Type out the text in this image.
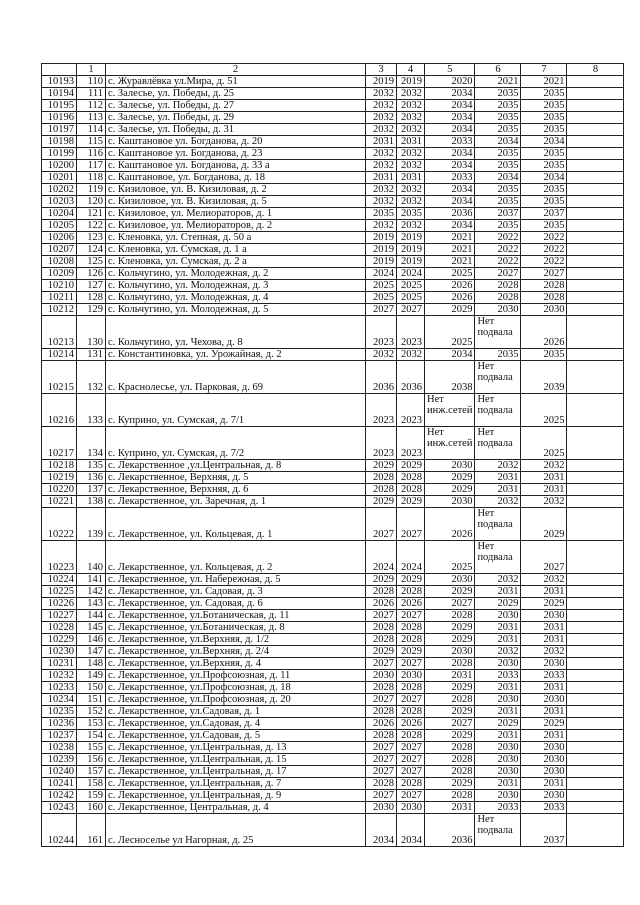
	1	2	3	4	5	6	7	8
10193	110	с. Журавлёвка ул.Мира, д. 51	2019	2019	2020	2021	2021	
10194	111	с. Залесье, ул. Победы, д. 25	2032	2032	2034	2035	2035	
10195	112	с. Залесье, ул. Победы, д. 27	2032	2032	2034	2035	2035	
10196	113	с. Залесье, ул. Победы, д. 29	2032	2032	2034	2035	2035	
10197	114	с. Залесье, ул. Победы, д. 31	2032	2032	2034	2035	2035	
10198	115	с. Каштановое ул. Богданова, д. 20	2031	2031	2033	2034	2034	
10199	116	с. Каштановое ул. Богданова, д. 23	2032	2032	2034	2035	2035	
10200	117	с. Каштановое ул. Богданова, д. 33 а	2032	2032	2034	2035	2035	
10201	118	с. Каштановое, ул. Богданова, д. 18	2031	2031	2033	2034	2034	
10202	119	с. Кизиловое, ул. В. Кизиловая, д. 2	2032	2032	2034	2035	2035	
10203	120	с. Кизиловое, ул. В. Кизиловая, д. 5	2032	2032	2034	2035	2035	
10204	121	с. Кизиловое, ул. Мелиораторов, д. 1	2035	2035	2036	2037	2037	
10205	122	с. Кизиловое, ул. Мелиораторов, д. 2	2032	2032	2034	2035	2035	
10206	123	с. Кленовка, ул. Степная, д. 50 а	2019	2019	2021	2022	2022	
10207	124	с. Кленовка, ул. Сумская, д. 1 а	2019	2019	2021	2022	2022	
10208	125	с. Кленовка, ул. Сумская, д. 2 а	2019	2019	2021	2022	2022	
10209	126	с. Кольчугино, ул. Молодежная, д. 2	2024	2024	2025	2027	2027	
10210	127	с. Кольчугино, ул. Молодежная, д. 3	2025	2025	2026	2028	2028	
10211	128	с. Кольчугино, ул. Молодежная, д. 4	2025	2025	2026	2028	2028	
10212	129	с. Кольчугино, ул. Молодежная, д. 5	2027	2027	2029	2030	2030	
10213	130	с. Кольчугино, ул. Чехова, д. 8	2023	2023	2025	Нет подвала	2026	
10214	131	с. Константиновка, ул. Урожайная, д. 2	2032	2032	2034	2035	2035	
10215	132	с. Краснолесье, ул. Парковая, д. 69	2036	2036	2038	Нет подвала	2039	
10216	133	с. Куприно, ул. Сумская, д. 7/1	2023	2023	Нет инж.сетей	Нет подвала	2025	
10217	134	с. Куприно, ул. Сумская, д. 7/2	2023	2023	Нет инж.сетей	Нет подвала	2025	
10218	135	с. Лекарственное ,ул.Центральная, д. 8	2029	2029	2030	2032	2032	
10219	136	с. Лекарственное, Верхняя, д. 5	2028	2028	2029	2031	2031	
10220	137	с. Лекарственное, Верхняя, д. 6	2028	2028	2029	2031	2031	
10221	138	с. Лекарственное, ул. Заречная, д. 1	2029	2029	2030	2032	2032	
10222	139	с. Лекарственное, ул. Кольцевая, д. 1	2027	2027	2026	Нет подвала	2029	
10223	140	с. Лекарственное, ул. Кольцевая, д. 2	2024	2024	2025	Нет подвала	2027	
10224	141	с. Лекарственное, ул. Набережная, д. 5	2029	2029	2030	2032	2032	
10225	142	с. Лекарственное, ул. Садовая, д. 3	2028	2028	2029	2031	2031	
10226	143	с. Лекарственное, ул. Садовая, д. 6	2026	2026	2027	2029	2029	
10227	144	с. Лекарственное, ул.Ботаническая, д. 11	2027	2027	2028	2030	2030	
10228	145	с. Лекарственное, ул.Ботаническая, д. 8	2028	2028	2029	2031	2031	
10229	146	с. Лекарственное, ул.Верхняя, д. 1/2	2028	2028	2029	2031	2031	
10230	147	с. Лекарственное, ул.Верхняя, д. 2/4	2029	2029	2030	2032	2032	
10231	148	с. Лекарственное, ул.Верхняя, д. 4	2027	2027	2028	2030	2030	
10232	149	с. Лекарственное, ул.Профсоюзная, д. 11	2030	2030	2031	2033	2033	
10233	150	с. Лекарственное, ул.Профсоюзная, д. 18	2028	2028	2029	2031	2031	
10234	151	с. Лекарственное, ул.Профсоюзная, д. 20	2027	2027	2028	2030	2030	
10235	152	с. Лекарственное, ул.Садовая, д. 1	2028	2028	2029	2031	2031	
10236	153	с. Лекарственное, ул.Садовая, д. 4	2026	2026	2027	2029	2029	
10237	154	с. Лекарственное, ул.Садовая, д. 5	2028	2028	2029	2031	2031	
10238	155	с. Лекарственное, ул.Центральная, д. 13	2027	2027	2028	2030	2030	
10239	156	с. Лекарственное, ул.Центральная, д. 15	2027	2027	2028	2030	2030	
10240	157	с. Лекарственное, ул.Центральная, д. 17	2027	2027	2028	2030	2030	
10241	158	с. Лекарственное, ул.Центральная, д. 7	2028	2028	2029	2031	2031	
10242	159	с. Лекарственное, ул.Центральная, д. 9	2027	2027	2028	2030	2030	
10243	160	с. Лекарственное, Центральная, д. 4	2030	2030	2031	2033	2033	
10244	161	с. Лесноселье ул Нагорная, д. 25	2034	2034	2036	Нет подвала	2037	
